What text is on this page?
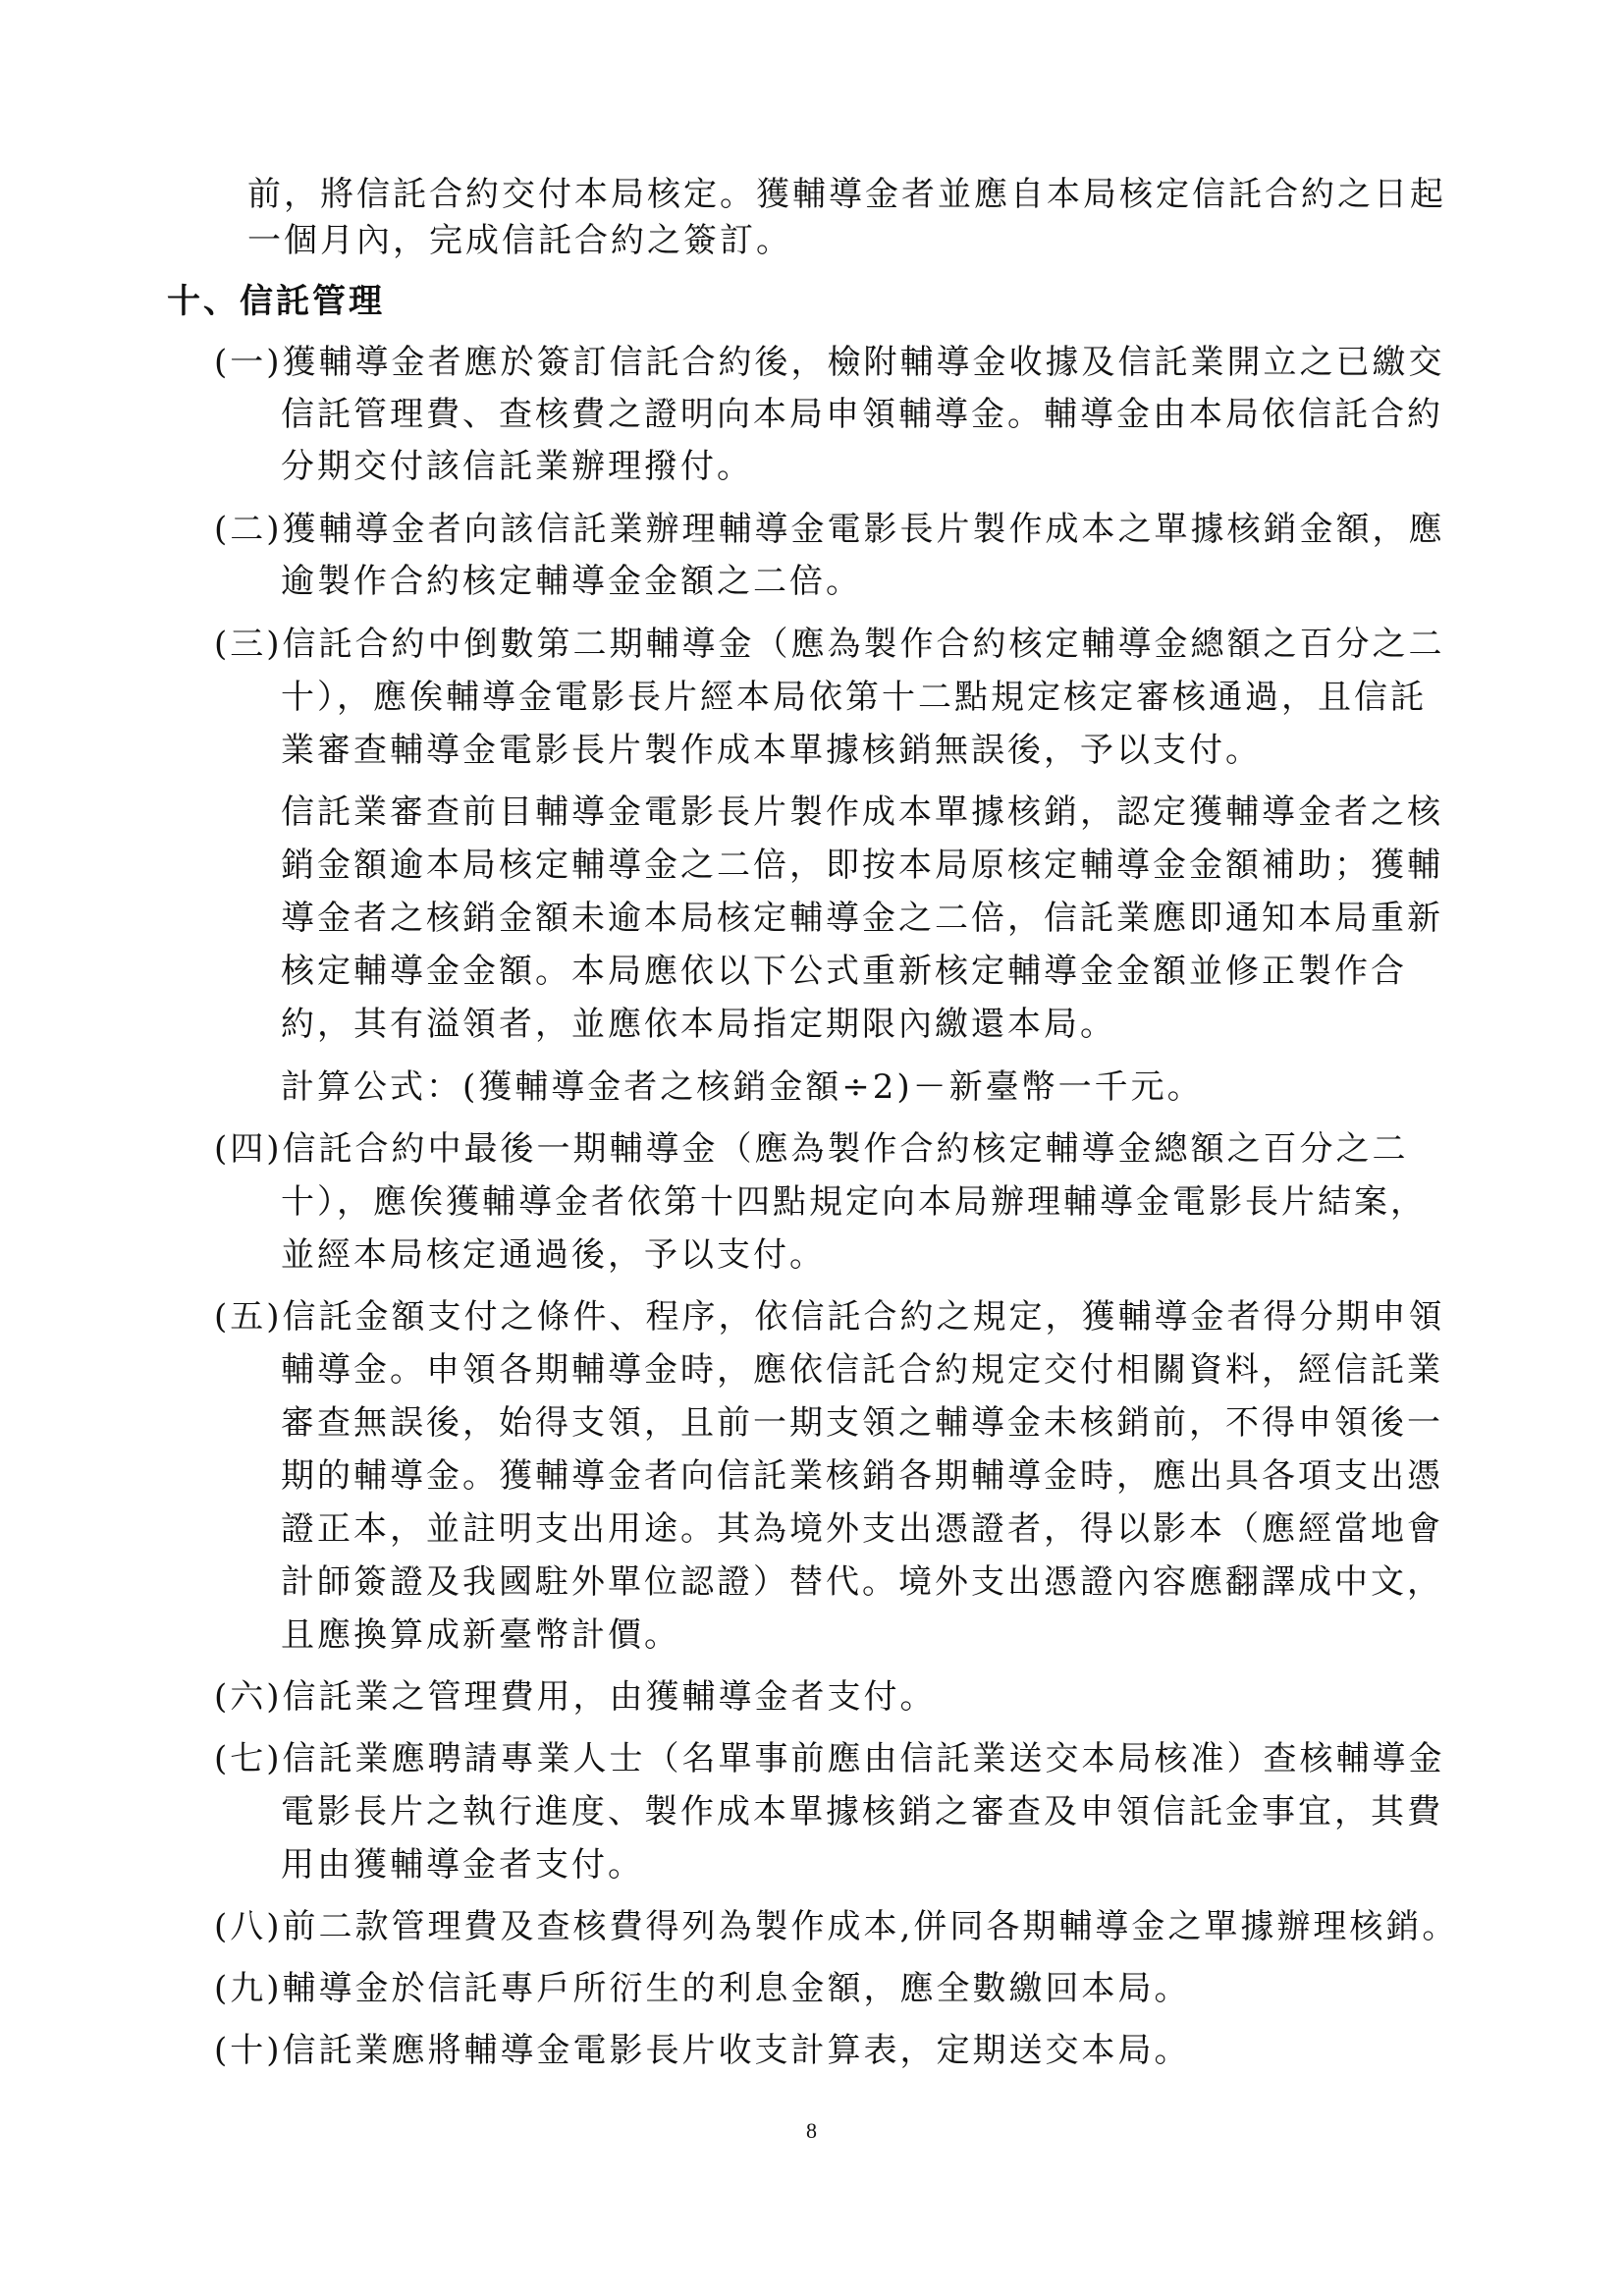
前，將信託合約交付本局核定。獲輔導金者並應自本局核定信託合約之日起
一個月內，完成信託合約之簽訂。
十、信託管理
(一)獲輔導金者應於簽訂信託合約後，檢附輔導金收據及信託業開立之已繳交
信託管理費、查核費之證明向本局申領輔導金。輔導金由本局依信託合約
分期交付該信託業辦理撥付。
(二)獲輔導金者向該信託業辦理輔導金電影長片製作成本之單據核銷金額，應
逾製作合約核定輔導金金額之二倍。
(三)信託合約中倒數第二期輔導金（應為製作合約核定輔導金總額之百分之二
十），應俟輔導金電影長片經本局依第十二點規定核定審核通過，且信託
業審查輔導金電影長片製作成本單據核銷無誤後，予以支付。
信託業審查前目輔導金電影長片製作成本單據核銷，認定獲輔導金者之核
銷金額逾本局核定輔導金之二倍，即按本局原核定輔導金金額補助；獲輔
導金者之核銷金額未逾本局核定輔導金之二倍，信託業應即通知本局重新
核定輔導金金額。本局應依以下公式重新核定輔導金金額並修正製作合
約，其有溢領者，並應依本局指定期限內繳還本局。
計算公式：(獲輔導金者之核銷金額÷2)－新臺幣一千元。
(四)信託合約中最後一期輔導金（應為製作合約核定輔導金總額之百分之二
十），應俟獲輔導金者依第十四點規定向本局辦理輔導金電影長片結案，
並經本局核定通過後，予以支付。
(五)信託金額支付之條件、程序，依信託合約之規定，獲輔導金者得分期申領
輔導金。申領各期輔導金時，應依信託合約規定交付相關資料，經信託業
審查無誤後，始得支領，且前一期支領之輔導金未核銷前，不得申領後一
期的輔導金。獲輔導金者向信託業核銷各期輔導金時，應出具各項支出憑
證正本，並註明支出用途。其為境外支出憑證者，得以影本（應經當地會
計師簽證及我國駐外單位認證）替代。境外支出憑證內容應翻譯成中文，
且應換算成新臺幣計價。
(六)信託業之管理費用，由獲輔導金者支付。
(七)信託業應聘請專業人士（名單事前應由信託業送交本局核准）查核輔導金
電影長片之執行進度、製作成本單據核銷之審查及申領信託金事宜，其費
用由獲輔導金者支付。
(八)前二款管理費及查核費得列為製作成本,併同各期輔導金之單據辦理核銷。
(九)輔導金於信託專戶所衍生的利息金額，應全數繳回本局。
(十)信託業應將輔導金電影長片收支計算表，定期送交本局。
8
